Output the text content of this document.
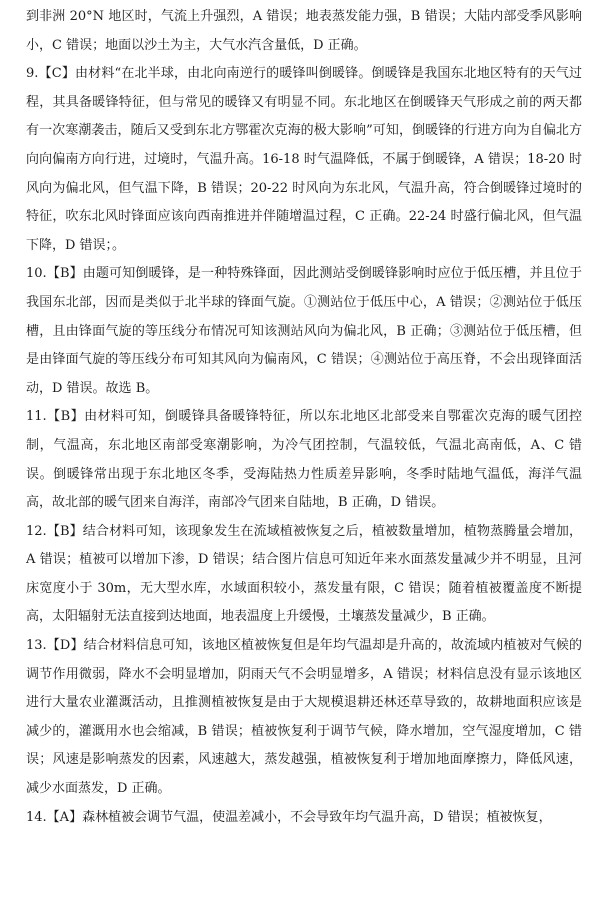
到非洲 20°N 地区时，气流上升强烈，A 错误；地表蒸发能力强，B 错误；大陆内部受季风影响小，C 错误；地面以沙土为主，大气水汽含量低，D 正确。

9.【C】由材料“在北半球，由北向南逆行的暖锋叫倒暖锋。倒暖锋是我国东北地区特有的天气过程，其具备暖锋特征，但与常见的暖锋又有明显不同。东北地区在倒暖锋天气形成之前的两天都有一次寒潮袭击，随后又受到东北方鄂霍次克海的极大影响”可知，倒暖锋的行进方向为自偏北方向向偏南方向行进，过境时，气温升高。16-18 时气温降低，不属于倒暖锋，A 错误；18-20 时风向为偏北风，但气温下降，B 错误；20-22 时风向为东北风，气温升高，符合倒暖锋过境时的特征，吹东北风时锋面应该向西南推进并伴随增温过程，C 正确。22-24 时盛行偏北风，但气温下降，D 错误；。

10.【B】由题可知倒暖锋，是一种特殊锋面，因此测站受倒暖锋影响时应位于低压槽，并且位于我国东北部，因而是类似于北半球的锋面气旋。①测站位于低压中心，A 错误；②测站位于低压槽，且由锋面气旋的等压线分布情况可知该测站风向为偏北风，B 正确；③测站位于低压槽，但是由锋面气旋的等压线分布可知其风向为偏南风，C 错误；④测站位于高压脊，不会出现锋面活动，D 错误。故选 B。

11.【B】由材料可知，倒暖锋具备暖锋特征，所以东北地区北部受来自鄂霍次克海的暖气团控制，气温高，东北地区南部受寒潮影响，为冷气团控制，气温较低，气温北高南低，A、C 错误。倒暖锋常出现于东北地区冬季，受海陆热力性质差异影响，冬季时陆地气温低，海洋气温高，故北部的暖气团来自海洋，南部冷气团来自陆地，B 正确，D 错误。

12.【B】结合材料可知，该现象发生在流域植被恢复之后，植被数量增加，植物蒸腾量会增加，A 错误；植被可以增加下渗，D 错误；结合图片信息可知近年来水面蒸发量减少并不明显，且河床宽度小于 30m，无大型水库，水域面积较小，蒸发量有限，C 错误；随着植被覆盖度不断提高，太阳辐射无法直接到达地面，地表温度上升缓慢，土壤蒸发量减少，B 正确。

13.【D】结合材料信息可知，该地区植被恢复但是年均气温却是升高的，故流域内植被对气候的调节作用微弱，降水不会明显增加，阴雨天气不会明显增多，A 错误；材料信息没有显示该地区进行大量农业灌溉活动，且推测植被恢复是由于大规模退耕还林还草导致的，故耕地面积应该是减少的，灌溉用水也会缩减，B 错误；植被恢复利于调节气候，降水增加，空气湿度增加，C 错误；风速是影响蒸发的因素，风速越大，蒸发越强，植被恢复利于增加地面摩擦力，降低风速，减少水面蒸发，D 正确。

14.【A】森林植被会调节气温，使温差减小，不会导致年均气温升高，D 错误；植被恢复，
